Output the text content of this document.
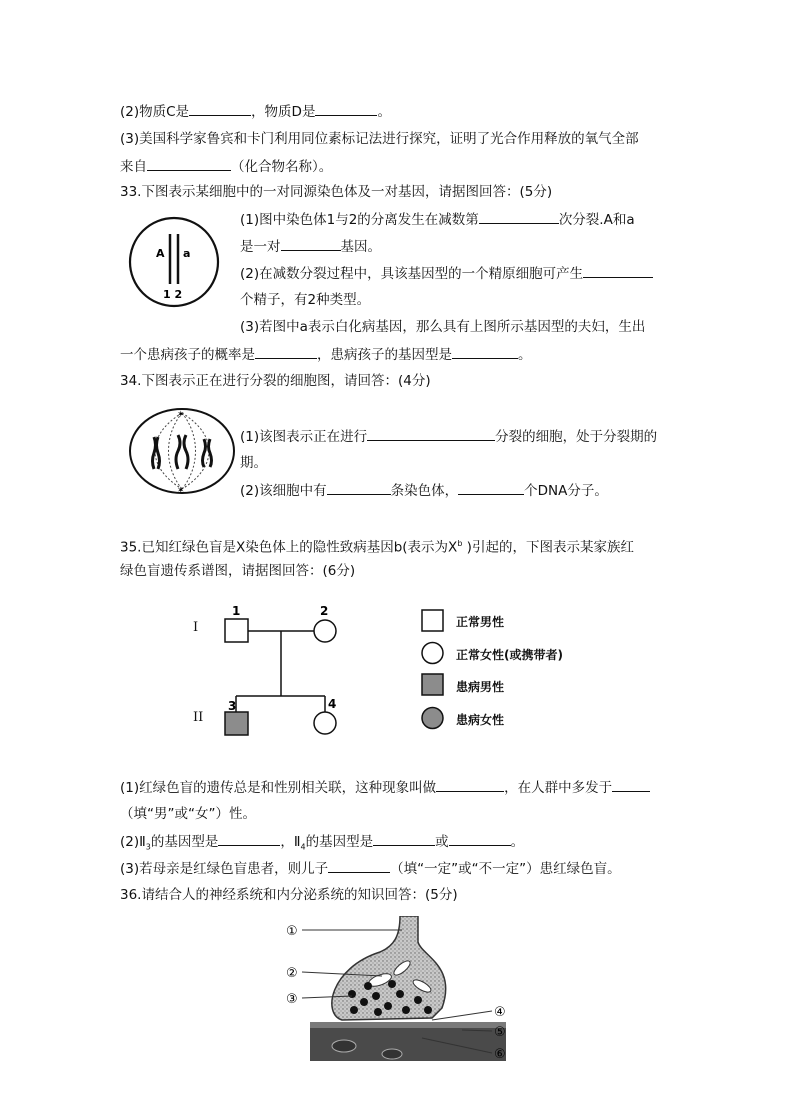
(2)物质C是	，物质D是	。
(3)美国科学家鲁宾和卡门利用同位素标记法进行探究，证明了光合作用释放的氧气全部
来自	（化合物名称）。
33.下图表示某细胞中的一对同源染色体及一对基因，请据图回答：(5分)
A a
1 2
(1)图中染色体1与2的分离发生在减数第	次分裂.A和a
是一对	基因。
(2)在减数分裂过程中，具该基因型的一个精原细胞可产生
个精子，有2种类型。
(3)若图中a表示白化病基因，那么具有上图所示基因型的夫妇，生出
一个患病孩子的概率是	，患病孩子的基因型是	。
34.下图表示正在进行分裂的细胞图，请回答：(4分)
✶
✶
(1)该图表示正在进行	分裂的细胞，处于分裂期的
期。
(2)该细胞中有	条染色体，	个DNA分子。
35.已知红绿色盲是X染色体上的隐性致病基因b(表示为$X^b$ )引起的，下图表示某家族红
绿色盲遗传系谱图，请据图回答：(6分)
1	2
3	4
I
II
正常男性
正常女性(或携带者)
患病男性
患病女性
(1)红绿色盲的遗传总是和性别相关联，这种现象叫做	，在人群中多发于
（填“男”或“女”）性。
$(2)Ⅱ_3$的基因型是	，$Ⅱ_4$的基因型是	或	。
(3)若母亲是红绿色盲患者，则儿子	（填“一定”或“不一定”）患红绿色盲。
36.请结合人的神经系统和内分泌系统的知识回答：(5分)
①
②
③
④
⑤
⑥
